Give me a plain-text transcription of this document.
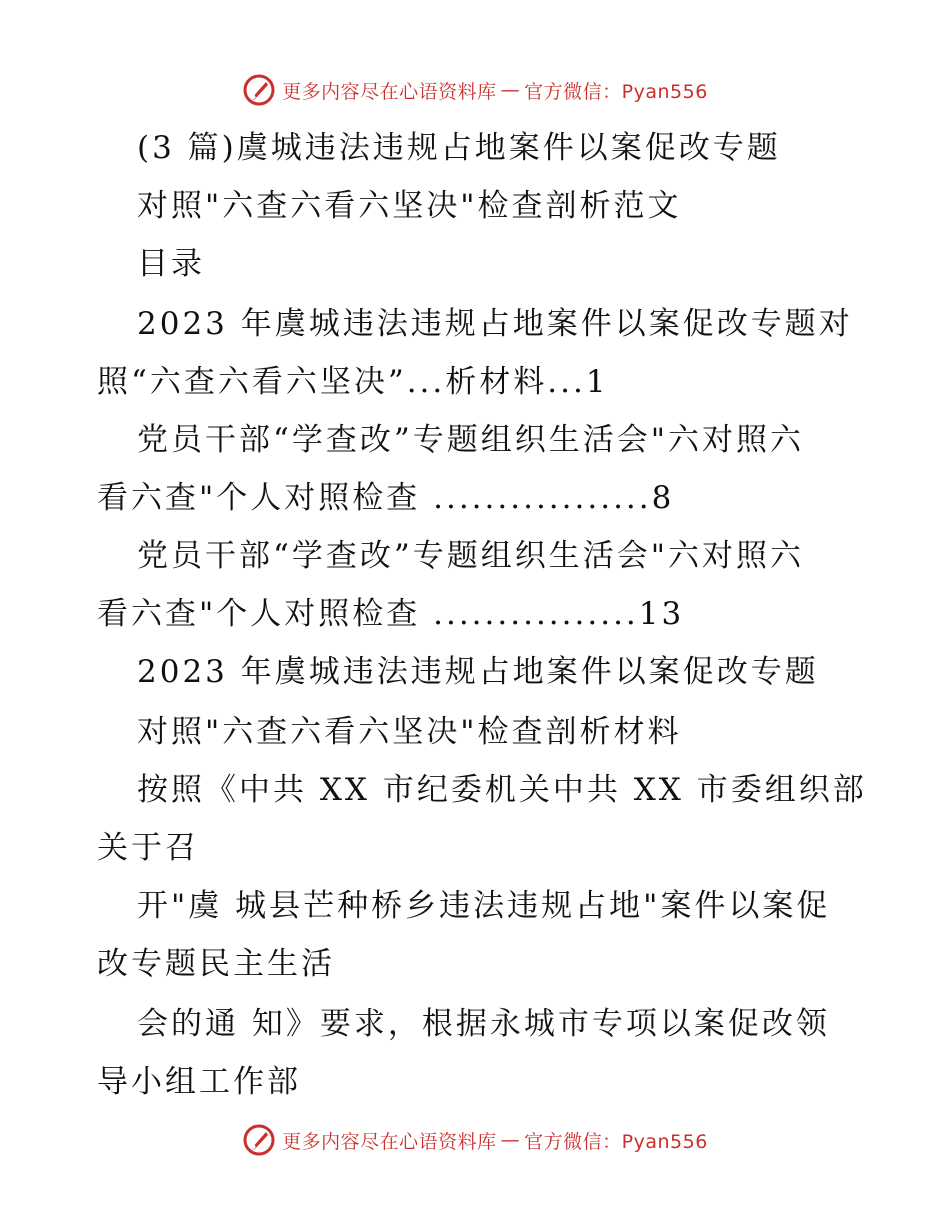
更多内容尽在心语资料库 — 官方微信：Pyan556
(3 篇)虞城违法违规占地案件以案促改专题
对照"六查六看六坚决"检查剖析范文
目录
2023 年虞城违法违规占地案件以案促改专题对
照“六查六看六坚决”...析材料...1
党员干部“学查改”专题组织生活会"六对照六
看六查"个人对照检查 .................8
党员干部“学查改”专题组织生活会"六对照六
看六查"个人对照检查 ................13
2023 年虞城违法违规占地案件以案促改专题
对照"六查六看六坚决"检查剖析材料
按照《中共 XX 市纪委机关中共 XX 市委组织部
关于召
开"虞 城县芒种桥乡违法违规占地"案件以案促
改专题民主生活
会的通 知》要求，根据永城市专项以案促改领
导小组工作部
更多内容尽在心语资料库 — 官方微信：Pyan556
